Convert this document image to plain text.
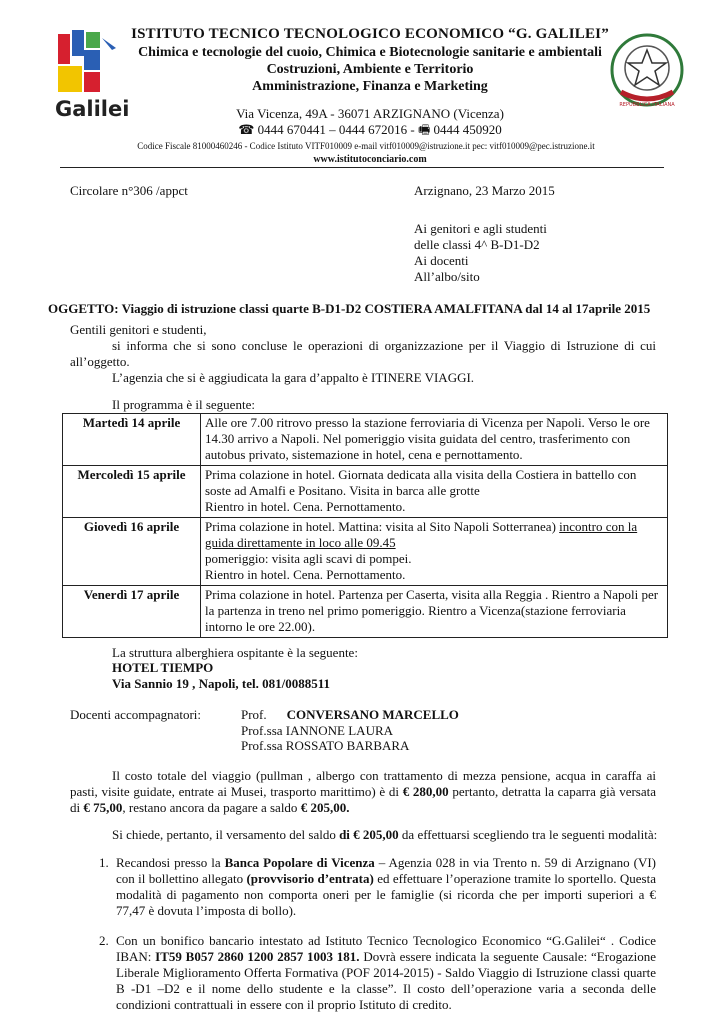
Galilei	REPUBBLICA ITALIANA
ISTITUTO TECNICO TECNOLOGICO ECONOMICO “G. GALILEI”
Chimica e tecnologie del cuoio, Chimica e Biotecnologie sanitarie e ambientali
Costruzioni, Ambiente e Territorio
Amministrazione, Finanza e Marketing
Via Vicenza, 49A - 36071 ARZIGNANO (Vicenza)
☎ 0444 670441 – 0444 672016 - 🖷 0444 450920
Codice Fiscale 81000460246 - Codice Istituto VITF010009 e-mail vitf010009@istruzione.it pec: vitf010009@pec.istruzione.it
www.istitutoconciario.com
Circolare n°306 /appct	Arzignano, 23 Marzo 2015
Ai genitori e agli studenti
delle classi 4^ B-D1-D2
Ai docenti
All’albo/sito
OGGETTO: Viaggio di istruzione classi quarte B-D1-D2 COSTIERA AMALFITANA dal 14 al 17aprile 2015
Gentili genitori e studenti,
si informa che si sono concluse le operazioni di organizzazione per il Viaggio di Istruzione di cui all’oggetto.
L’agenzia che si è aggiudicata la gara d’appalto è ITINERE VIAGGI.
Il programma è il seguente:
Martedì 14 aprile	Alle ore 7.00 ritrovo presso la stazione ferroviaria di Vicenza per Napoli. Verso le ore 14.30 arrivo a Napoli. Nel pomeriggio visita guidata del centro, trasferimento con autobus privato, sistemazione in hotel, cena e pernottamento.
Mercoledì 15 aprile	Prima colazione in hotel. Giornata dedicata alla visita della Costiera in battello con soste ad Amalfi e Positano. Visita in barca alle grotte
Rientro in hotel. Cena. Pernottamento.

Giovedì 16 aprile	Prima colazione in hotel. Mattina: visita al Sito Napoli Sotterranea) incontro con la guida direttamente in loco alle 09.45
pomeriggio: visita agli scavi di pompei.
Rientro in hotel. Cena. Pernottamento.

Venerdì 17 aprile	Prima colazione in hotel. Partenza per Caserta, visita alla Reggia . Rientro a Napoli per la partenza in treno nel primo pomeriggio. Rientro a Vicenza(stazione ferroviaria intorno le ore 22.00).
La struttura alberghiera ospitante è la seguente:
HOTEL TIEMPO
Via Sannio 19 , Napoli, tel. 081/0088511
Docenti accompagnatori:	Prof. CONVERSANO MARCELLO
Prof.ssa IANNONE LAURA
Prof.ssa ROSSATO BARBARA
Il costo totale del viaggio (pullman , albergo con trattamento di mezza pensione, acqua in caraffa ai pasti, visite guidate, entrate ai Musei, trasporto marittimo) è di € 280,00 pertanto, detratta la caparra già versata di € 75,00, restano ancora da pagare a saldo € 205,00.
Si chiede, pertanto, il versamento del saldo di € 205,00 da effettuarsi scegliendo tra le seguenti modalità:
1. Recandosi presso la Banca Popolare di Vicenza – Agenzia 028 in via Trento n. 59 di Arzignano (VI) con il bollettino allegato (provvisorio d’entrata) ed effettuare l’operazione tramite lo sportello. Questa modalità di pagamento non comporta oneri per le famiglie (si ricorda che per importi superiori a € 77,47 è dovuta l’imposta di bollo).
2. Con un bonifico bancario intestato ad Istituto Tecnico Tecnologico Economico “G.Galilei“ . Codice IBAN: IT59 B057 2860 1200 2857 1003 181. Dovrà essere indicata la seguente Causale: “Erogazione Liberale Miglioramento Offerta Formativa (POF 2014-2015) - Saldo Viaggio di Istruzione classi quarte B -D1 –D2 e il nome dello studente e la classe”. Il costo dell’operazione varia a seconda delle condizioni contrattuali in essere con il proprio Istituto di credito.
